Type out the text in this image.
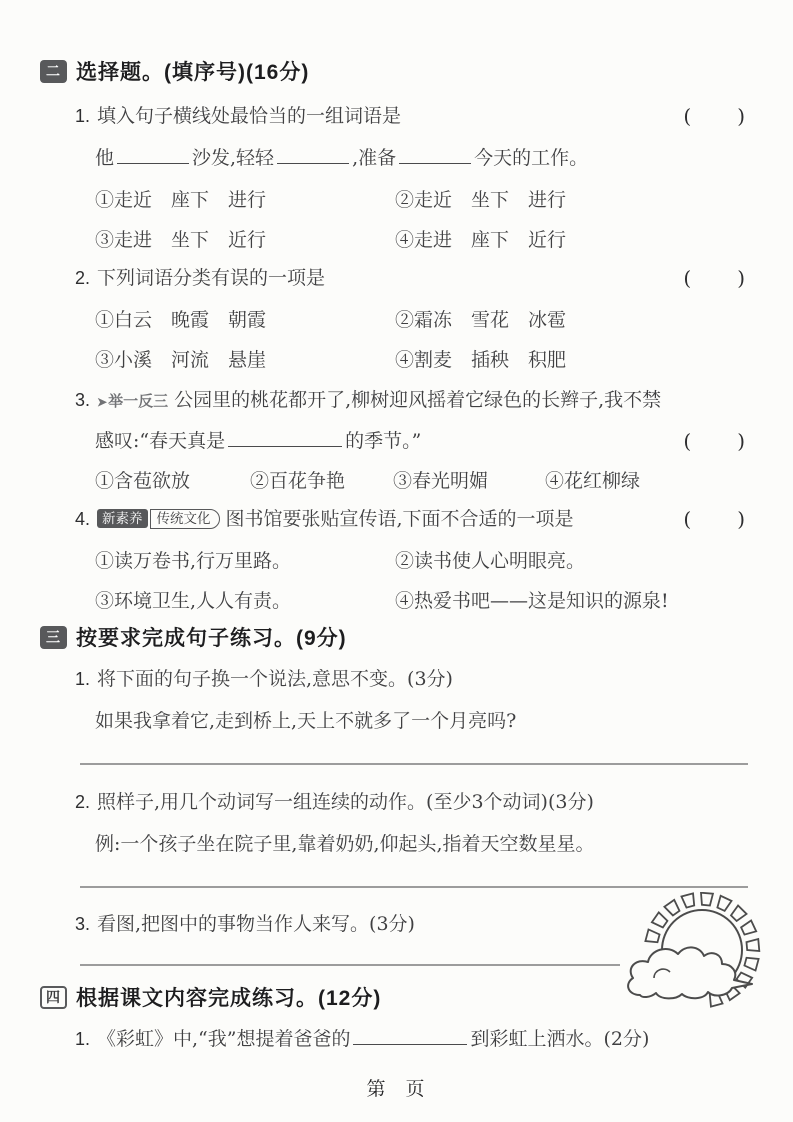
二 选择题。(填序号)(16分)
1. 填入句子横线处最恰当的一组词语是	( )
他	沙发,轻轻	,准备	今天的工作。
①走近　座下　进行	②走近　坐下　进行
③走进　坐下　近行	④走进　座下　近行
2. 下列词语分类有误的一项是	( )
①白云　晚霞　朝霞	②霜冻　雪花　冰雹
③小溪　河流　悬崖	④割麦　插秧　积肥
3. ➤举一反三 公园里的桃花都开了,柳树迎风摇着它绿色的长辫子,我不禁
感叹:“春天真是	的季节。”	( )
①含苞欲放	②百花争艳	③春光明媚	④花红柳绿
4. 新素养 传统文化 图书馆要张贴宣传语,下面不合适的一项是	( )
①读万卷书,行万里路。	②读书使人心明眼亮。
③环境卫生,人人有责。	④热爱书吧——这是知识的源泉!
三 按要求完成句子练习。(9分)
1. 将下面的句子换一个说法,意思不变。(3分)
如果我拿着它,走到桥上,天上不就多了一个月亮吗?
2. 照样子,用几个动词写一组连续的动作。(至少3个动词)(3分)
例:一个孩子坐在院子里,靠着奶奶,仰起头,指着天空数星星。
3. 看图,把图中的事物当作人来写。(3分)
四 根据课文内容完成练习。(12分)
1. 《彩虹》中,“我”想提着爸爸的	到彩虹上洒水。(2分)
第 页
